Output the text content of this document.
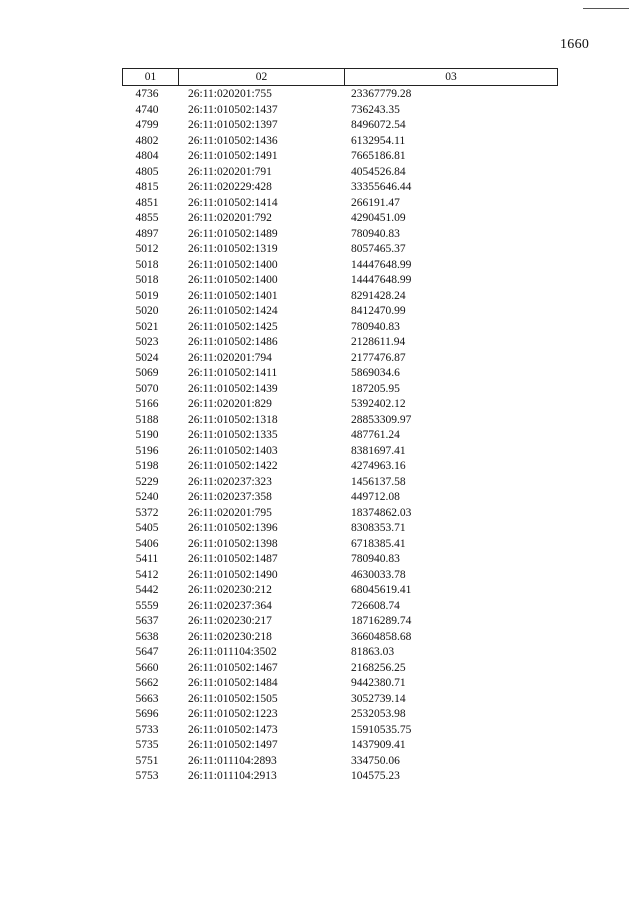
1660
01	02	03
4736	26:11:020201:755	23367779.28
4740	26:11:010502:1437	736243.35
4799	26:11:010502:1397	8496072.54
4802	26:11:010502:1436	6132954.11
4804	26:11:010502:1491	7665186.81
4805	26:11:020201:791	4054526.84
4815	26:11:020229:428	33355646.44
4851	26:11:010502:1414	266191.47
4855	26:11:020201:792	4290451.09
4897	26:11:010502:1489	780940.83
5012	26:11:010502:1319	8057465.37
5018	26:11:010502:1400	14447648.99
5018	26:11:010502:1400	14447648.99
5019	26:11:010502:1401	8291428.24
5020	26:11:010502:1424	8412470.99
5021	26:11:010502:1425	780940.83
5023	26:11:010502:1486	2128611.94
5024	26:11:020201:794	2177476.87
5069	26:11:010502:1411	5869034.6
5070	26:11:010502:1439	187205.95
5166	26:11:020201:829	5392402.12
5188	26:11:010502:1318	28853309.97
5190	26:11:010502:1335	487761.24
5196	26:11:010502:1403	8381697.41
5198	26:11:010502:1422	4274963.16
5229	26:11:020237:323	1456137.58
5240	26:11:020237:358	449712.08
5372	26:11:020201:795	18374862.03
5405	26:11:010502:1396	8308353.71
5406	26:11:010502:1398	6718385.41
5411	26:11:010502:1487	780940.83
5412	26:11:010502:1490	4630033.78
5442	26:11:020230:212	68045619.41
5559	26:11:020237:364	726608.74
5637	26:11:020230:217	18716289.74
5638	26:11:020230:218	36604858.68
5647	26:11:011104:3502	81863.03
5660	26:11:010502:1467	2168256.25
5662	26:11:010502:1484	9442380.71
5663	26:11:010502:1505	3052739.14
5696	26:11:010502:1223	2532053.98
5733	26:11:010502:1473	15910535.75
5735	26:11:010502:1497	1437909.41
5751	26:11:011104:2893	334750.06
5753	26:11:011104:2913	104575.23
